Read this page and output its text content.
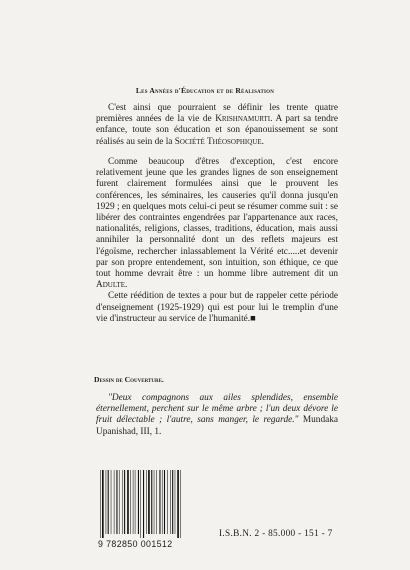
Les Années d'Éducation et de Réalisation

C'est ainsi que pourraient se définir les trente quatre premières années de la vie de Krishnamurti. A part sa tendre enfance, toute son éducation et son épanouissement se sont réalisés au sein de la Société Théosophique.

Comme beaucoup d'êtres d'exception, c'est encore relativement jeune que les grandes lignes de son enseignement furent clairement formulées ainsi que le prouvent les conférences, les séminaires, les causeries qu'il donna jusqu'en 1929 ; en quelques mots celui-ci peut se résumer comme suit : se libérer des contraintes engendrées par l'appartenance aux races, nationalités, religions, classes, traditions, éducation, mais aussi annihiler la personnalité dont un des reflets majeurs est l'égoïsme, rechercher inlassablement la Vérité etc.....et devenir par son propre entendement, son intuition, son éthique, ce que tout homme devrait être : un homme libre autrement dit un Adulte.

Cette réédition de textes a pour but de rappeler cette période d'enseignement (1925-1929) qui est pour lui le tremplin d'une vie d'instructeur au service de l'humanité.■

Dessin de Couverture.

"Deux compagnons aux ailes splendides, ensemble éternellement, perchent sur le même arbre ; l'un deux dévore le fruit délectable ; l'autre, sans manger, le regarde." Mundaka Upanishad, III, 1.

9 782850 001512
I.S.B.N. 2 - 85.000 - 151 - 7
